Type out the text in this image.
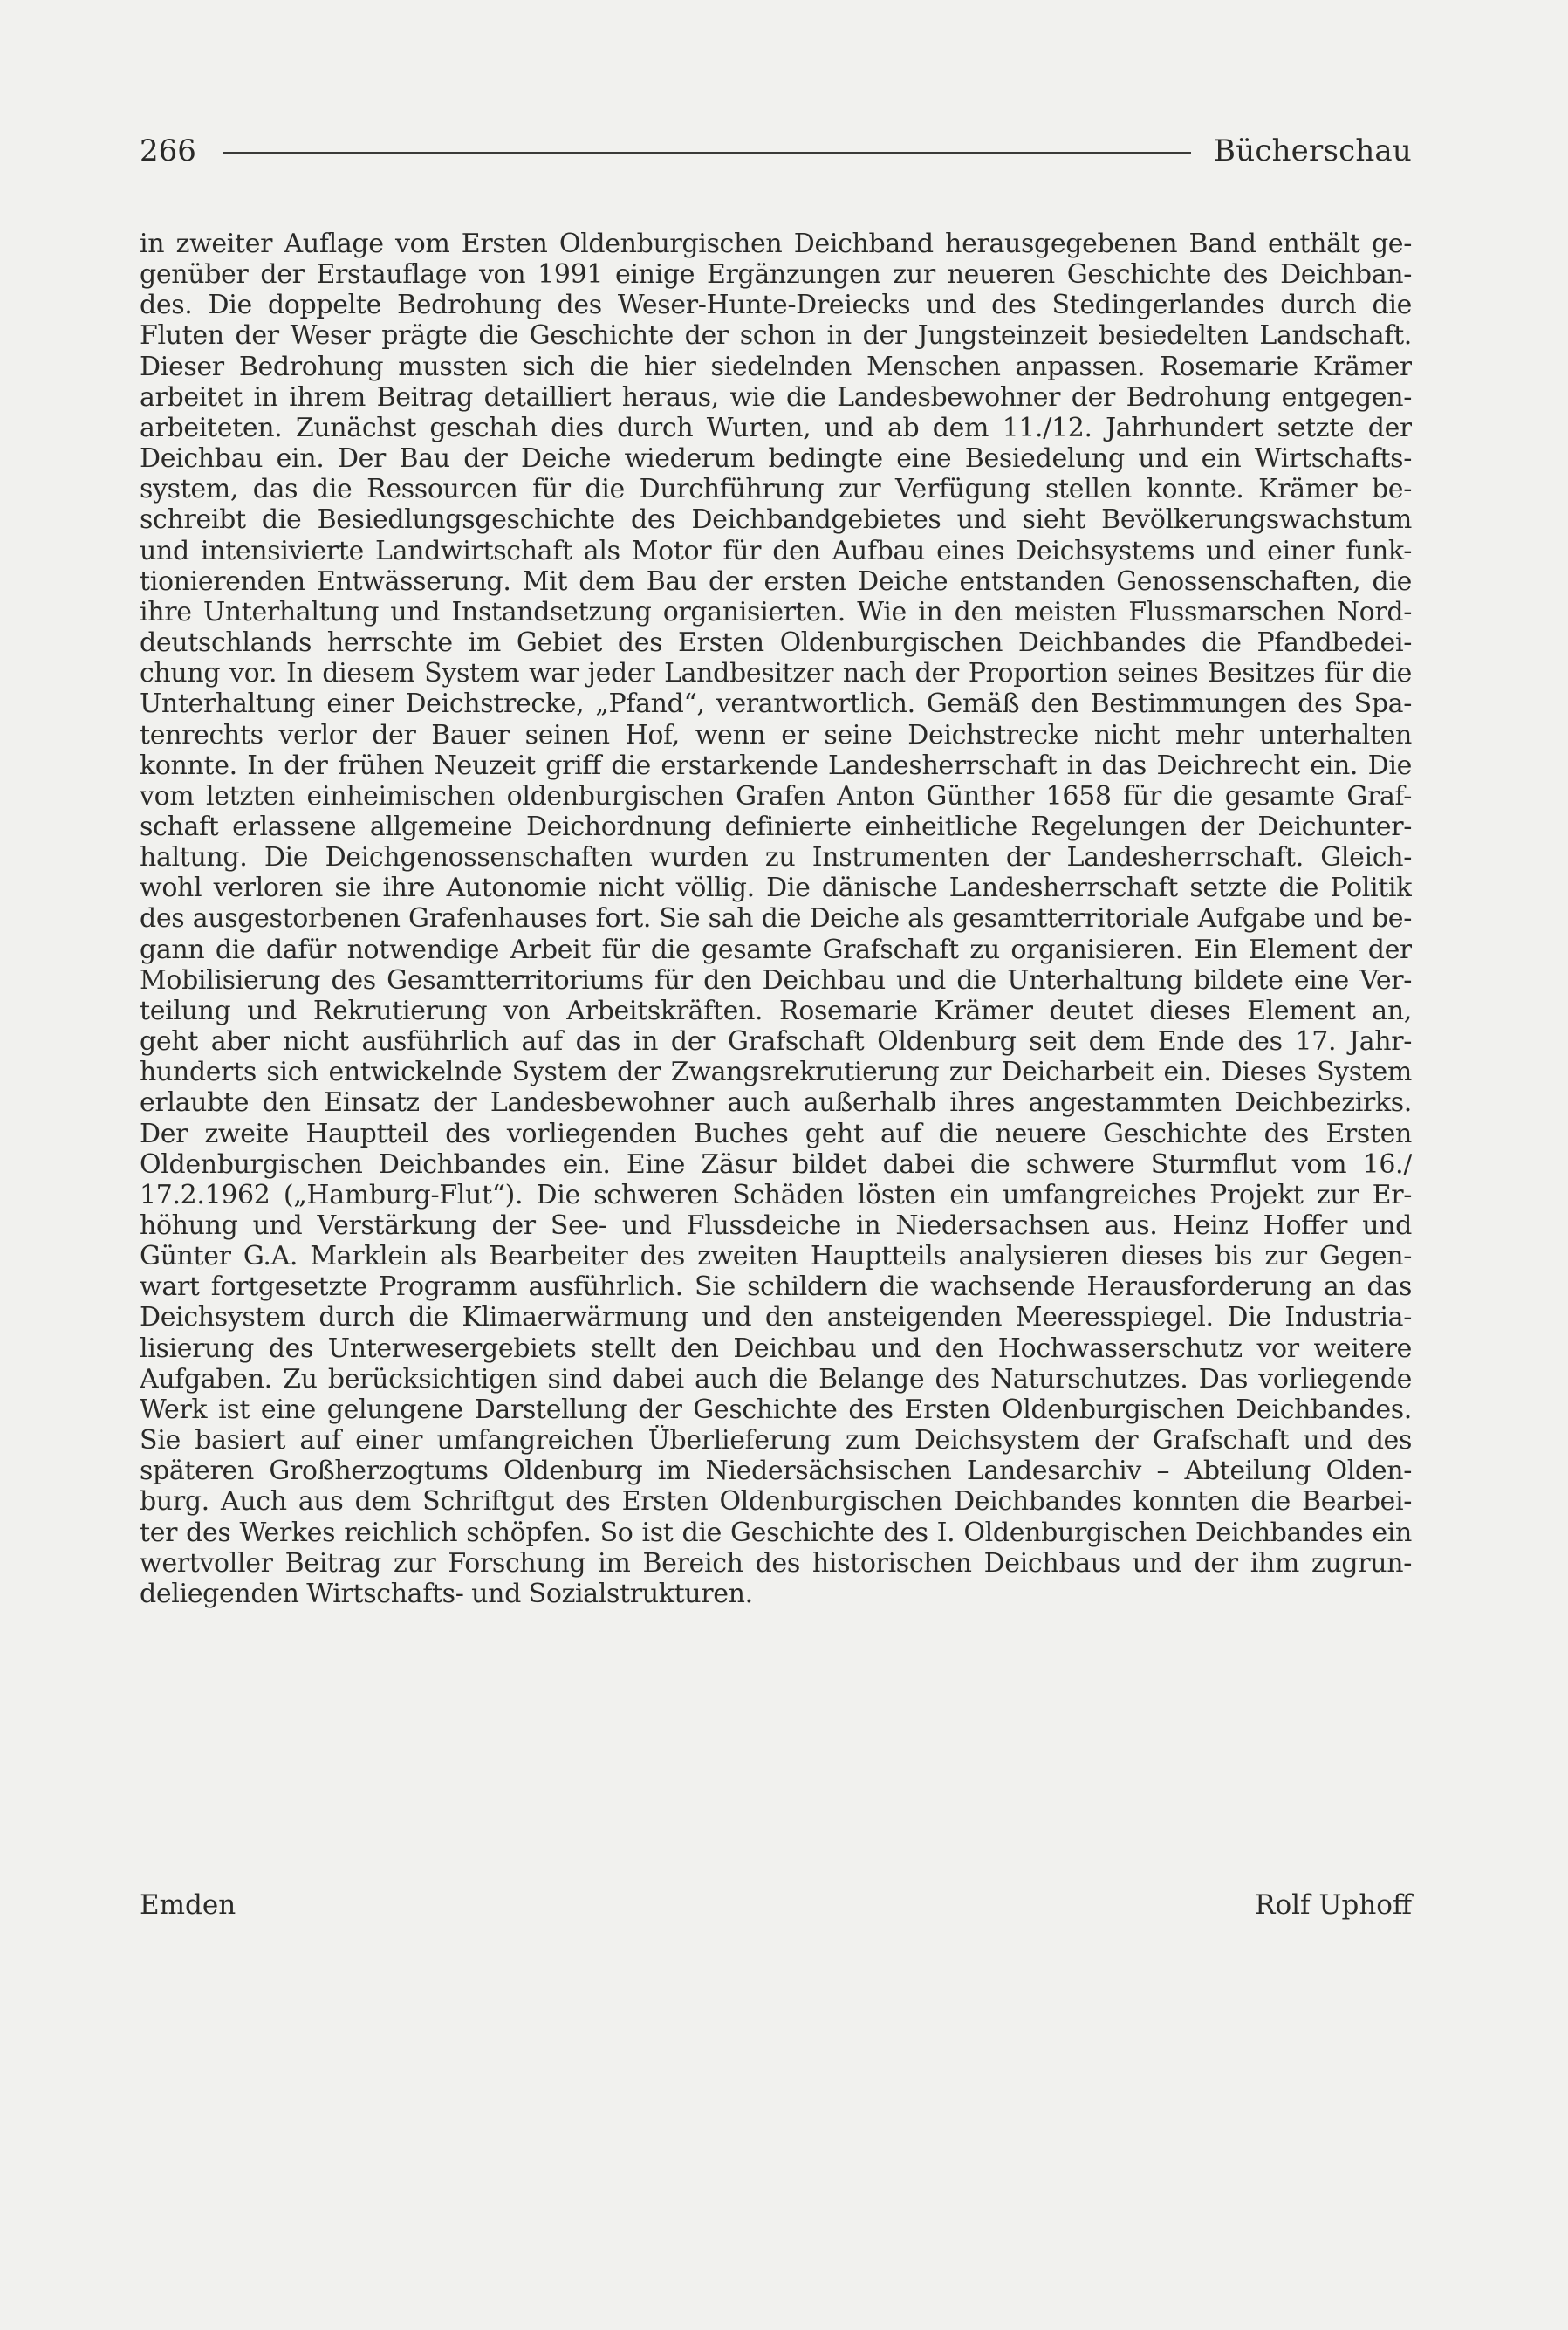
266	Bücherschau
in zweiter Auflage vom Ersten Oldenburgischen Deichband herausgegebenen Band enthält ge-
genüber der Erstauflage von 1991 einige Ergänzungen zur neueren Geschichte des Deichban-
des. Die doppelte Bedrohung des Weser-Hunte-Dreiecks und des Stedingerlandes durch die
Fluten der Weser prägte die Geschichte der schon in der Jungsteinzeit besiedelten Landschaft.
Dieser Bedrohung mussten sich die hier siedelnden Menschen anpassen. Rosemarie Krämer
arbeitet in ihrem Beitrag detailliert heraus, wie die Landesbewohner der Bedrohung entgegen-
arbeiteten. Zunächst geschah dies durch Wurten, und ab dem 11./12. Jahrhundert setzte der
Deichbau ein. Der Bau der Deiche wiederum bedingte eine Besiedelung und ein Wirtschafts-
system, das die Ressourcen für die Durchführung zur Verfügung stellen konnte. Krämer be-
schreibt die Besiedlungsgeschichte des Deichbandgebietes und sieht Bevölkerungswachstum
und intensivierte Landwirtschaft als Motor für den Aufbau eines Deichsystems und einer funk-
tionierenden Entwässerung. Mit dem Bau der ersten Deiche entstanden Genossenschaften, die
ihre Unterhaltung und Instandsetzung organisierten. Wie in den meisten Flussmarschen Nord-
deutschlands herrschte im Gebiet des Ersten Oldenburgischen Deichbandes die Pfandbedei-
chung vor. In diesem System war jeder Landbesitzer nach der Proportion seines Besitzes für die
Unterhaltung einer Deichstrecke, „Pfand“, verantwortlich. Gemäß den Bestimmungen des Spa-
tenrechts verlor der Bauer seinen Hof, wenn er seine Deichstrecke nicht mehr unterhalten
konnte. In der frühen Neuzeit griff die erstarkende Landesherrschaft in das Deichrecht ein. Die
vom letzten einheimischen oldenburgischen Grafen Anton Günther 1658 für die gesamte Graf-
schaft erlassene allgemeine Deichordnung definierte einheitliche Regelungen der Deichunter-
haltung. Die Deichgenossenschaften wurden zu Instrumenten der Landesherrschaft. Gleich-
wohl verloren sie ihre Autonomie nicht völlig. Die dänische Landesherrschaft setzte die Politik
des ausgestorbenen Grafenhauses fort. Sie sah die Deiche als gesamtterritoriale Aufgabe und be-
gann die dafür notwendige Arbeit für die gesamte Grafschaft zu organisieren. Ein Element der
Mobilisierung des Gesamtterritoriums für den Deichbau und die Unterhaltung bildete eine Ver-
teilung und Rekrutierung von Arbeitskräften. Rosemarie Krämer deutet dieses Element an,
geht aber nicht ausführlich auf das in der Grafschaft Oldenburg seit dem Ende des 17. Jahr-
hunderts sich entwickelnde System der Zwangsrekrutierung zur Deicharbeit ein. Dieses System
erlaubte den Einsatz der Landesbewohner auch außerhalb ihres angestammten Deichbezirks.
Der zweite Hauptteil des vorliegenden Buches geht auf die neuere Geschichte des Ersten
Oldenburgischen Deichbandes ein. Eine Zäsur bildet dabei die schwere Sturmflut vom 16./
17.2.1962 („Hamburg-Flut“). Die schweren Schäden lösten ein umfangreiches Projekt zur Er-
höhung und Verstärkung der See- und Flussdeiche in Niedersachsen aus. Heinz Hoffer und
Günter G.A. Marklein als Bearbeiter des zweiten Hauptteils analysieren dieses bis zur Gegen-
wart fortgesetzte Programm ausführlich. Sie schildern die wachsende Herausforderung an das
Deichsystem durch die Klimaerwärmung und den ansteigenden Meeresspiegel. Die Industria-
lisierung des Unterwesergebiets stellt den Deichbau und den Hochwasserschutz vor weitere
Aufgaben. Zu berücksichtigen sind dabei auch die Belange des Naturschutzes. Das vorliegende
Werk ist eine gelungene Darstellung der Geschichte des Ersten Oldenburgischen Deichbandes.
Sie basiert auf einer umfangreichen Überlieferung zum Deichsystem der Grafschaft und des
späteren Großherzogtums Oldenburg im Niedersächsischen Landesarchiv – Abteilung Olden-
burg. Auch aus dem Schriftgut des Ersten Oldenburgischen Deichbandes konnten die Bearbei-
ter des Werkes reichlich schöpfen. So ist die Geschichte des I. Oldenburgischen Deichbandes ein
wertvoller Beitrag zur Forschung im Bereich des historischen Deichbaus und der ihm zugrun-
deliegenden Wirtschafts- und Sozialstrukturen.
Emden	Rolf Uphoff
